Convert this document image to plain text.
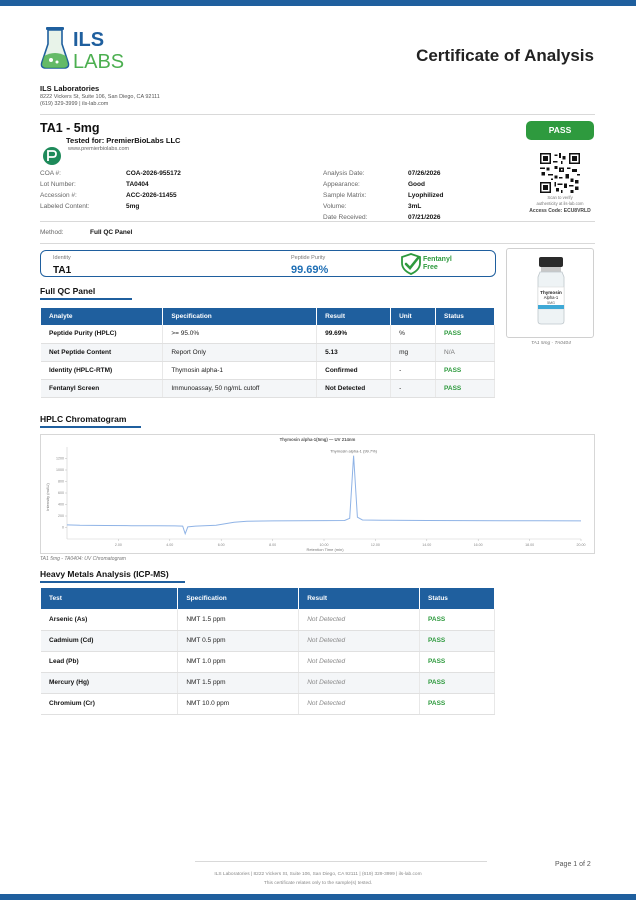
ILS
LABS	Certificate of Analysis
ILS Laboratories
8222 Vickers St, Suite 106, San Diego, CA 92111
(619) 329-3999 | ils-lab.com
TA1 - 5mg
Tested for: PremierBioLabs LLC
www.premierbiolabs.com
PASS
COA #:	COA-2026-955172
Lot Number:	TA0404
Accession #:	ACC-2026-11455
Labeled Content:	5mg
Analysis Date:	07/26/2026
Appearance:	Good
Sample Matrix:	Lyophilized
Volume:	3mL
Date Received:	07/21/2026
Scan to verify
authenticity at ils-lab.com
Access Code: ECU8VRLD
Method:	Full QC Panel
Identity
TA1
Peptide Purity
99.69%
Fentanyl
Free
Thymosin
Alpha-1
5MG
TA1 5mg - TA0404
Full QC Panel
Analyte	Specification	Result	Unit	Status
Peptide Purity (HPLC)	>= 95.0%	99.69%	%	PASS
Net Peptide Content	Report Only	5.13	mg	N/A
Identity (HPLC-RTM)	Thymosin alpha-1	Confirmed	-	PASS
Fentanyl Screen	Immunoassay, 50 ng/mL cutoff	Not Detected	-	PASS
HPLC Chromatogram
Thymosin alpha-1(5mg) — UV 214nm
Thymosin alpha-1 (99.7%)
Intensity (mAU)
Retention Time (min)
2.00	4.00	6.00	8.00	10.00	12.00	14.00	16.00	18.00	20.00
0
200
400
600
800
1000
1200
TA1 5mg - TA0404: UV Chromatogram
Heavy Metals Analysis (ICP-MS)
Test	Specification	Result	Status
Arsenic (As)	NMT 1.5 ppm	Not Detected	PASS
Cadmium (Cd)	NMT 0.5 ppm	Not Detected	PASS
Lead (Pb)	NMT 1.0 ppm	Not Detected	PASS
Mercury (Hg)	NMT 1.5 ppm	Not Detected	PASS
Chromium (Cr)	NMT 10.0 ppm	Not Detected	PASS
Page 1 of 2
ILS Laboratories | 8222 Vickers St, Suite 106, San Diego, CA 92111 | (619) 329-3999 | ils-lab.com
This certificate relates only to the sample(s) tested.
